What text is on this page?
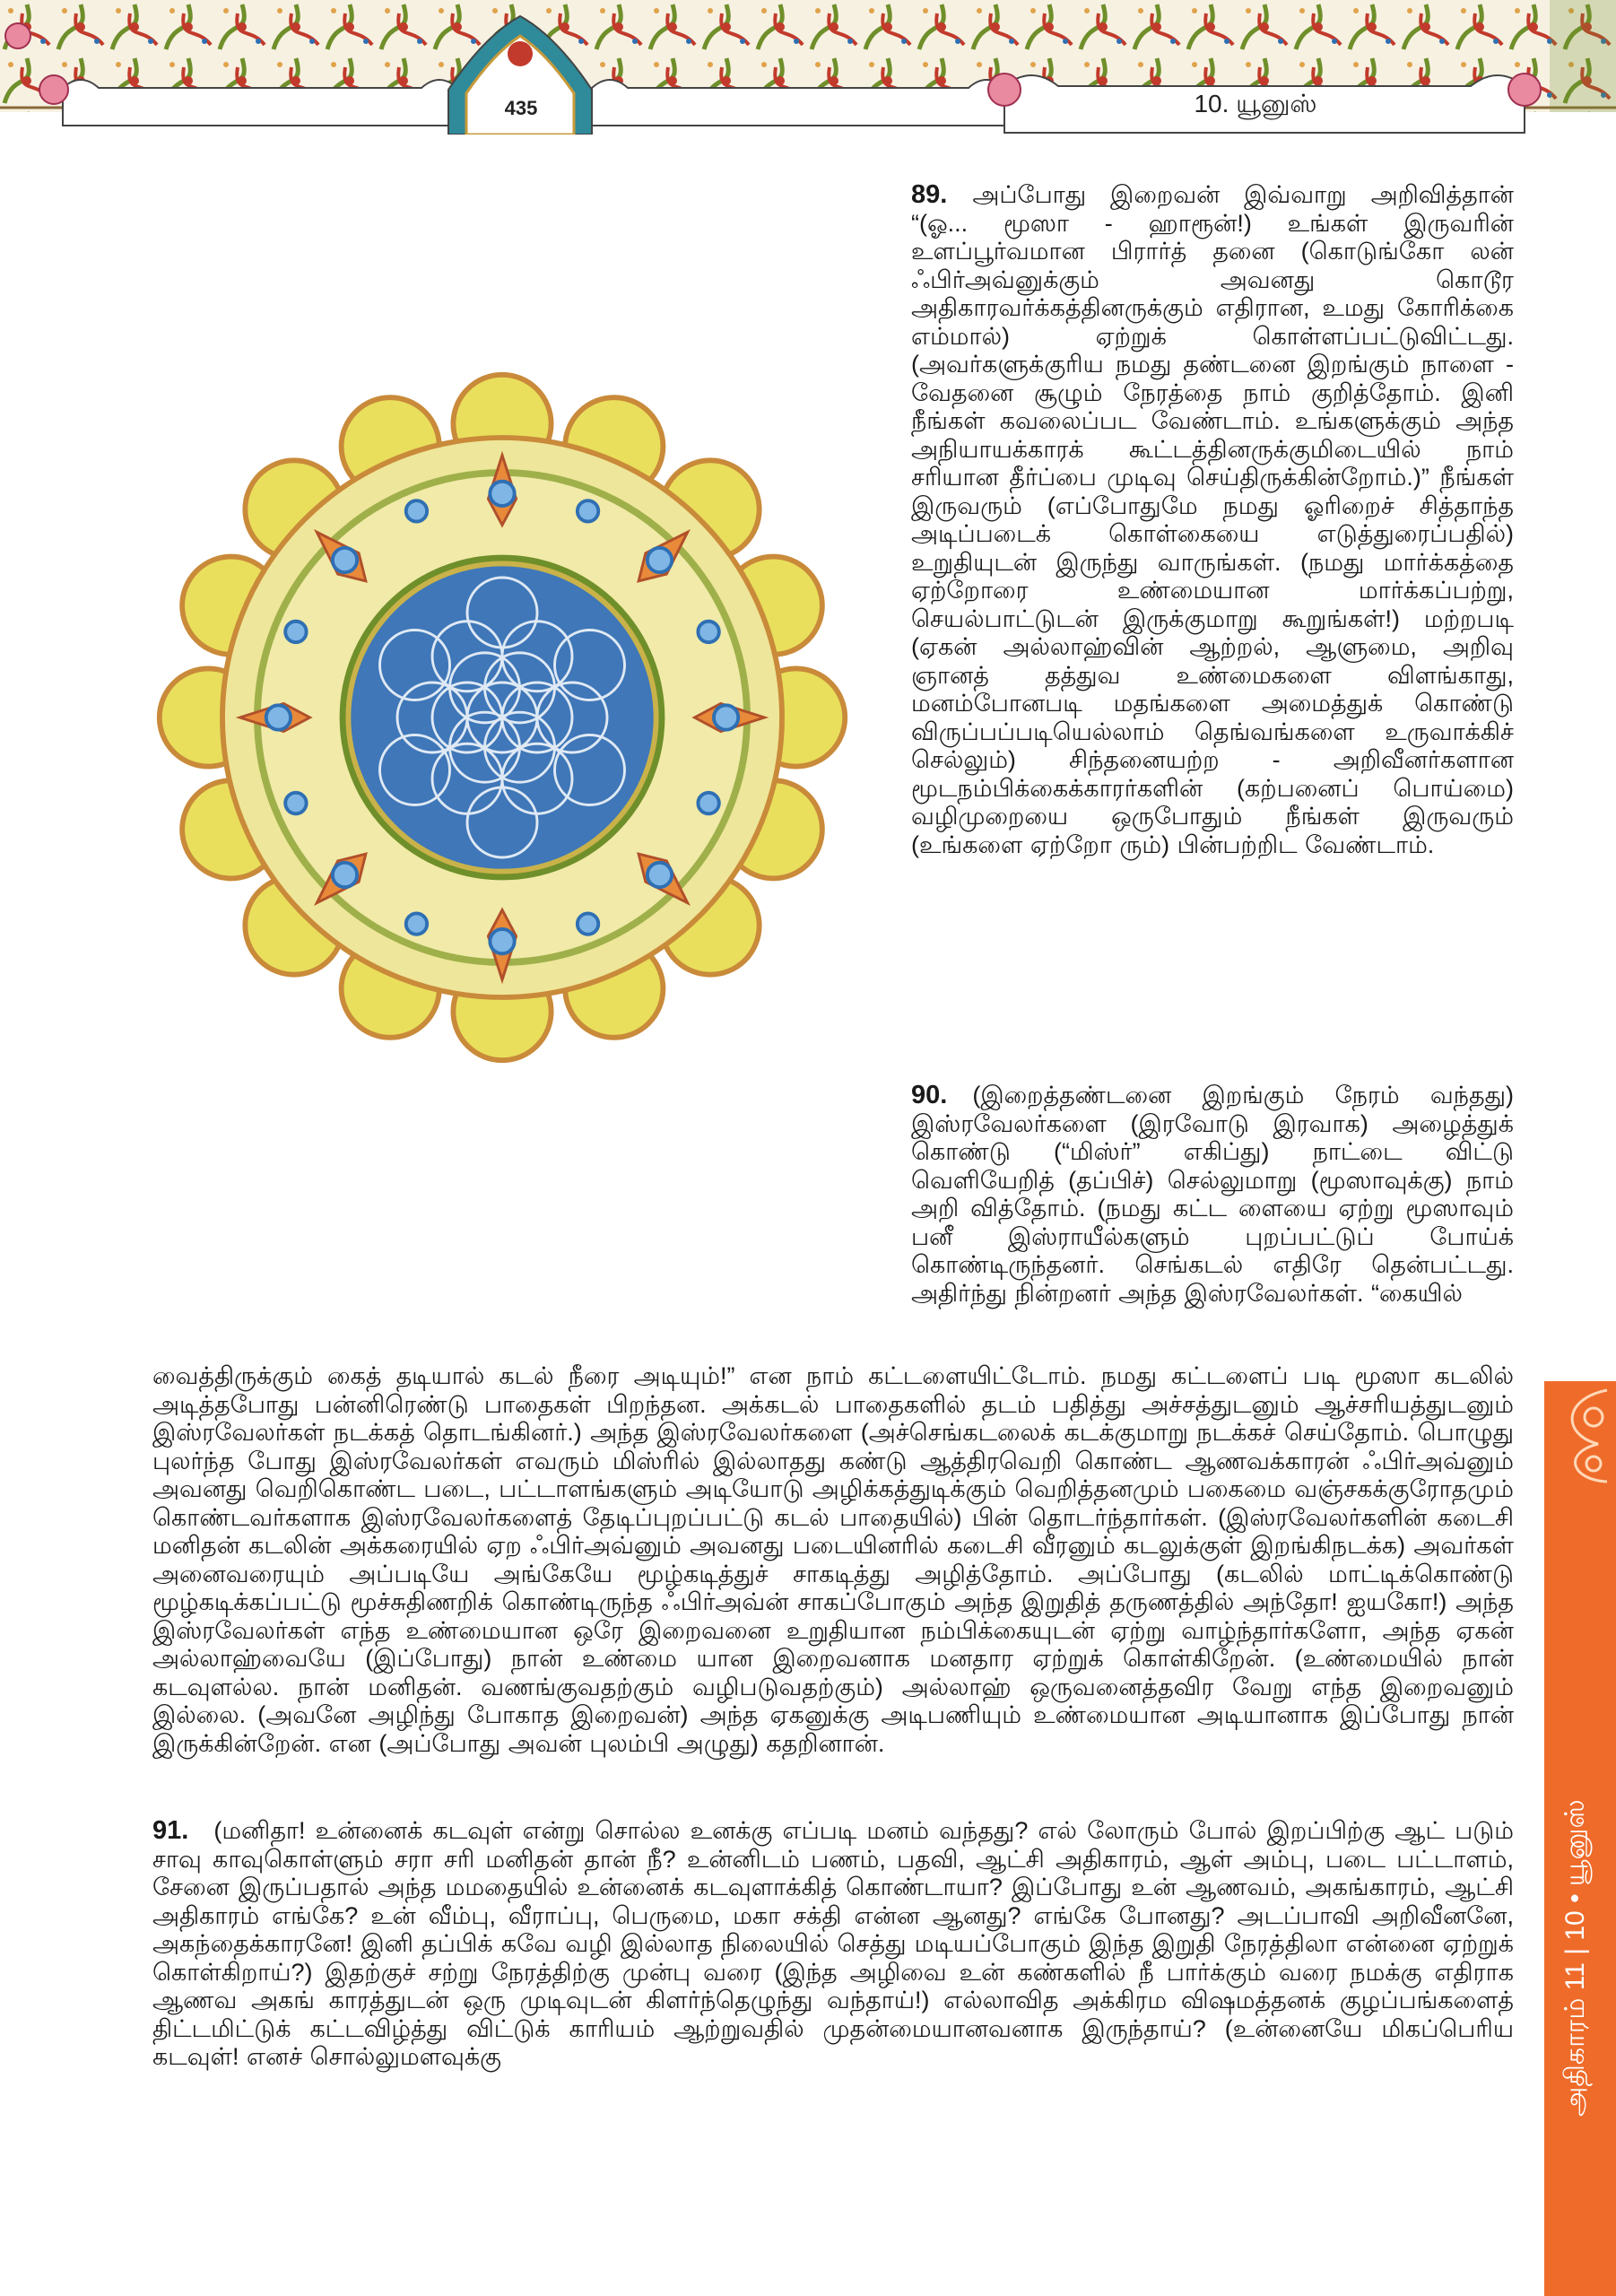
435	10. யூனுஸ்
89. அப்போது இறைவன் இவ்வாறு அறிவித்தான் “(ஓ... மூஸா - ஹாரூன்!) உங்கள் இருவரின் உளப்பூர்வமான பிரார்த் தனை (கொடுங்கோ லன் ஃபிர்அவ்னுக்கும் அவனது கொடூர அதிகாரவர்க்கத்தினருக்கும் எதிரான, உமது கோரிக்கை எம்மால்) ஏற்றுக் கொள்ளப்பட்டுவிட்டது. (அவர்களுக்குரிய நமது தண்டனை இறங்கும் நாளை - வேதனை சூழும் நேரத்தை நாம் குறித்தோம். இனி நீங்கள் கவலைப்பட வேண்டாம். உங்களுக்கும் அந்த அநியாயக்காரக் கூட்டத்தினருக்குமிடையில் நாம் சரியான தீர்ப்பை முடிவு செய்திருக்கின்றோம்.)” நீங்கள் இருவரும் (எப்போதுமே நமது ஓரிறைச் சித்தாந்த அடிப்படைக் கொள்கையை எடுத்துரைப்பதில்) உறுதியுடன் இருந்து வாருங்கள். (நமது மார்க்கத்தை ஏற்றோரை உண்மையான மார்க்கப்பற்று, செயல்பாட்டுடன் இருக்குமாறு கூறுங்கள்!) மற்றபடி (ஏகன் அல்லாஹ்வின் ஆற்றல், ஆளுமை, அறிவு ஞானத் தத்துவ உண்மைகளை விளங்காது, மனம்போனபடி மதங்களை அமைத்துக் கொண்டு விருப்பப்படியெல்லாம் தெங்வங்களை உருவாக்கிச் செல்லும்) சிந்தனையற்ற - அறிவீனர்களான மூடநம்பிக்கைக்காரர்களின் (கற்பனைப் பொய்மை) வழிமுறையை ஒருபோதும் நீங்கள் இருவரும் (உங்களை ஏற்றோ ரும்) பின்பற்றிட வேண்டாம்.
90. (இறைத்தண்டனை இறங்கும் நேரம் வந்தது) இஸ்ரவேலர்களை (இரவோடு இரவாக) அழைத்துக் கொண்டு (“மிஸ்ர்” எகிப்து) நாட்டை விட்டு வெளியேறித் (தப்பிச்) செல்லுமாறு (மூஸாவுக்கு) நாம் அறி வித்தோம். (நமது கட்ட ளையை ஏற்று மூஸாவும் பனீ இஸ்ராயீல்களும் புறப்பட்டுப் போய்க் கொண்டிருந்தனர். செங்கடல் எதிரே தென்பட்டது. அதிர்ந்து நின்றனர் அந்த இஸ்ரவேலர்கள். “கையில்
வைத்திருக்கும் கைத் தடியால் கடல் நீரை அடியும்!” என நாம் கட்டளையிட்டோம். நமது கட்டளைப் படி மூஸா கடலில் அடித்தபோது பன்னிரெண்டு பாதைகள் பிறந்தன. அக்கடல் பாதைகளில் தடம் பதித்து அச்சத்துடனும் ஆச்சரியத்துடனும் இஸ்ரவேலர்கள் நடக்கத் தொடங்கினர்.) அந்த இஸ்ரவேலர்களை (அச்செங்கடலைக் கடக்குமாறு நடக்கச் செய்தோம். பொழுது புலர்ந்த போது இஸ்ரவேலர்கள் எவரும் மிஸ்ரில் இல்லாதது கண்டு ஆத்திரவெறி கொண்ட ஆணவக்காரன் ஃபிர்அவ்னும் அவனது வெறிகொண்ட படை, பட்டாளங்களும் அடியோடு அழிக்கத்துடிக்கும் வெறித்தனமும் பகைமை வஞ்சகக்குரோதமும் கொண்டவர்களாக இஸ்ரவேலர்களைத் தேடிப்புறப்பட்டு கடல் பாதையில்) பின் தொடர்ந்தார்கள். (இஸ்ரவேலர்களின் கடைசி மனிதன் கடலின் அக்கரையில் ஏற ஃபிர்அவ்னும் அவனது படையினரில் கடைசி வீரனும் கடலுக்குள் இறங்கிநடக்க) அவர்கள் அனைவரையும் அப்படியே அங்கேயே மூழ்கடித்துச் சாகடித்து அழித்தோம். அப்போது (கடலில் மாட்டிக்கொண்டு மூழ்கடிக்கப்பட்டு மூச்சுதிணறிக் கொண்டிருந்த ஃபிர்அவ்ன் சாகப்போகும் அந்த இறுதித் தருணத்தில் அந்தோ! ஐயகோ!) அந்த இஸ்ரவேலர்கள் எந்த உண்மையான ஒரே இறைவனை உறுதியான நம்பிக்கையுடன் ஏற்று வாழ்ந்தார்களோ, அந்த ஏகன் அல்லாஹ்வையே (இப்போது) நான் உண்மை யான இறைவனாக மனதார ஏற்றுக் கொள்கிறேன். (உண்மையில் நான் கடவுளல்ல. நான் மனிதன். வணங்குவதற்கும் வழிபடுவதற்கும்) அல்லாஹ் ஒருவனைத்தவிர வேறு எந்த இறைவனும் இல்லை. (அவனே அழிந்து போகாத இறைவன்) அந்த ஏகனுக்கு அடிபணியும் உண்மையான அடியானாக இப்போது நான் இருக்கின்றேன். என (அப்போது அவன் புலம்பி அழுது) கதறினான்.
91. (மனிதா! உன்னைக் கடவுள் என்று சொல்ல உனக்கு எப்படி மனம் வந்தது? எல் லோரும் போல் இறப்பிற்கு ஆட் படும் சாவு காவுகொள்ளும் சரா சரி மனிதன் தான் நீ? உன்னிடம் பணம், பதவி, ஆட்சி அதிகாரம், ஆள் அம்பு, படை பட்டாளம், சேனை இருப்பதால் அந்த மமதையில் உன்னைக் கடவுளாக்கித் கொண்டாயா? இப்போது உன் ஆணவம், அகங்காரம், ஆட்சி அதிகாரம் எங்கே? உன் வீம்பு, வீராப்பு, பெருமை, மகா சக்தி என்ன ஆனது? எங்கே போனது? அடப்பாவி அறிவீனனே, அகந்தைக்காரனே! இனி தப்பிக் கவே வழி இல்லாத நிலையில் செத்து மடியப்போகும் இந்த இறுதி நேரத்திலா என்னை ஏற்றுக் கொள்கிறாய்?) இதற்குச் சற்று நேரத்திற்கு முன்பு வரை (இந்த அழிவை உன் கண்களில் நீ பார்க்கும் வரை நமக்கு எதிராக ஆணவ அகங் காரத்துடன் ஒரு முடிவுடன் கிளர்ந்தெழுந்து வந்தாய்!) எல்லாவித அக்கிரம விஷமத்தனக் குழப்பங்களைத் திட்டமிட்டுக் கட்டவிழ்த்து விட்டுக் காரியம் ஆற்றுவதில் முதன்மையானவனாக இருந்தாய்? (உன்னையே மிகப்பெரிய கடவுள்! எனச் சொல்லுமளவுக்கு	அதிகாரம் 11 | 10 • யூனுஸ்
